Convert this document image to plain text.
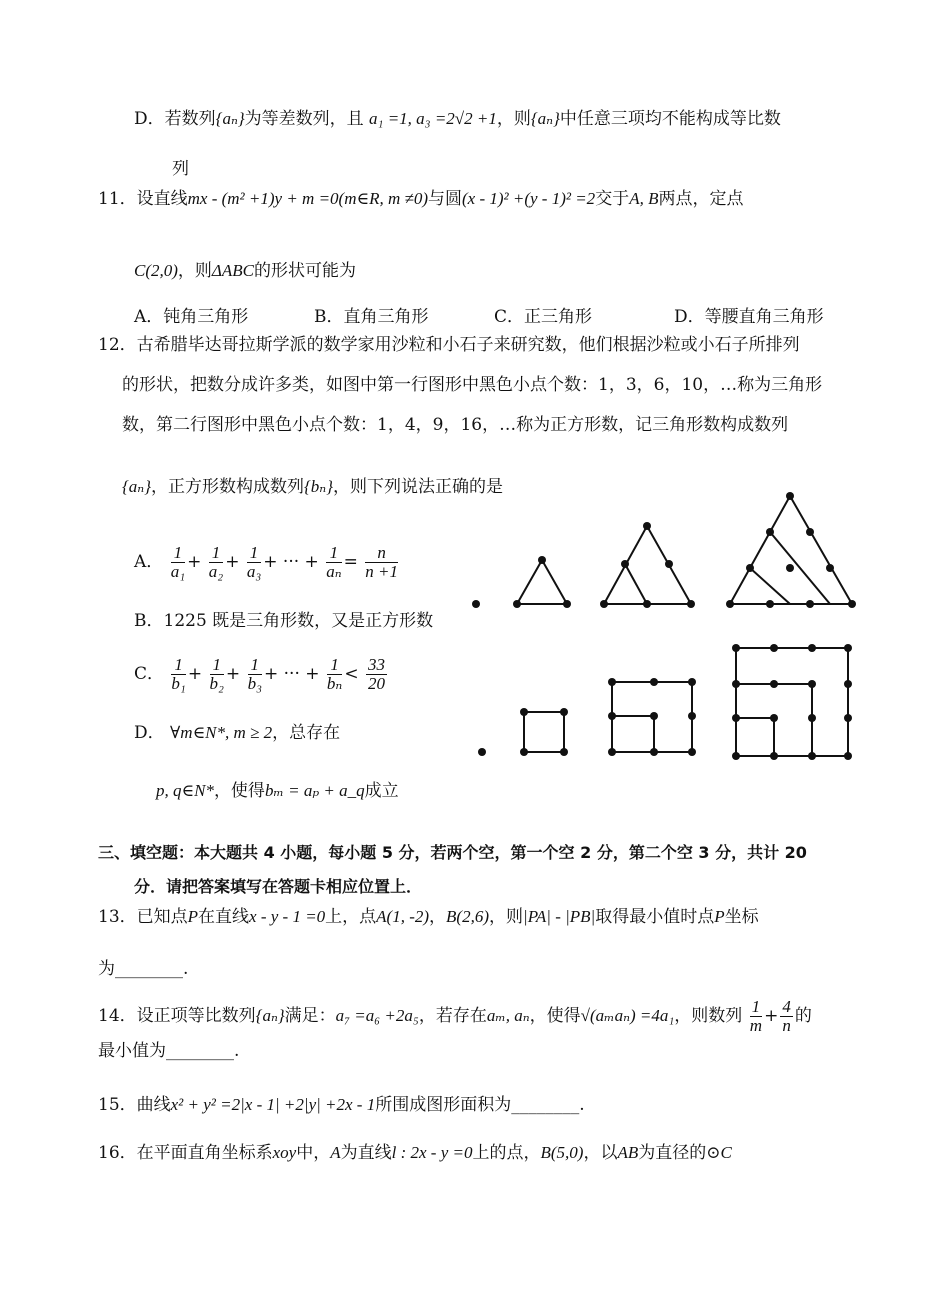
D．若数列{aₙ}为等差数列，且 a₁ =1, a₃ =2√2 +1，则{aₙ}中任意三项均不能构成等比数
列
11．设直线mx - (m² +1)y + m =0(m∈R, m ≠0)与圆(x - 1)² +(y - 1)² =2交于A, B两点，定点
C(2,0)，则ΔABC的形状可能为
A．钝角三角形	B．直角三角形	C．正三角形	D．等腰直角三角形
12．古希腊毕达哥拉斯学派的数学家用沙粒和小石子来研究数，他们根据沙粒或小石子所排列
的形状，把数分成许多类，如图中第一行图形中黑色小点个数：1，3，6，10，…称为三角形
数，第二行图形中黑色小点个数：1，4，9，16，…称为正方形数，记三角形数构成数列
{aₙ}，正方形数构成数列{bₙ}，则下列说法正确的是
A． $\frac{1}{\text{a₁}} + \frac{1}{\text{a₂}} + \frac{1}{\text{a₃}}$ + ··· + $\frac{1}{\text{aₙ}} = \frac{n}{n +1}$
B．1225 既是三角形数，又是正方形数
C． $\frac{1}{\text{b₁}} + \frac{1}{\text{b₂}} + \frac{1}{\text{b₃}}$ + ··· + $\frac{1}{\text{bₙ}} < \frac{33}{20}$
D． ∀m∈N*, m ≥ 2，总存在
p, q∈N*，使得bₘ = aₚ + a_q成立
三、填空题：本大题共 4 小题，每小题 5 分，若两个空，第一个空 2 分，第二个空 3 分，共计 20
分．请把答案填写在答题卡相应位置上．
13．已知点P在直线x - y - 1 =0上，点A(1, -2)，B(2,6)，则|PA| - |PB|取得最小值时点P坐标
为________.
14．设正项等比数列{aₙ}满足：a₇ =a₆ +2a₅，若存在aₘ, aₙ，使得√(aₘaₙ) =4a₁，则数列 $\frac{1}{m} + \frac{4}{n}$ 的
最小值为________.
15．曲线x² + y² =2|x - 1| +2|y| +2x - 1所围成图形面积为________.
16．在平面直角坐标系xoy中，A为直线l : 2x - y =0上的点，B(5,0)，以AB为直径的⊙C
